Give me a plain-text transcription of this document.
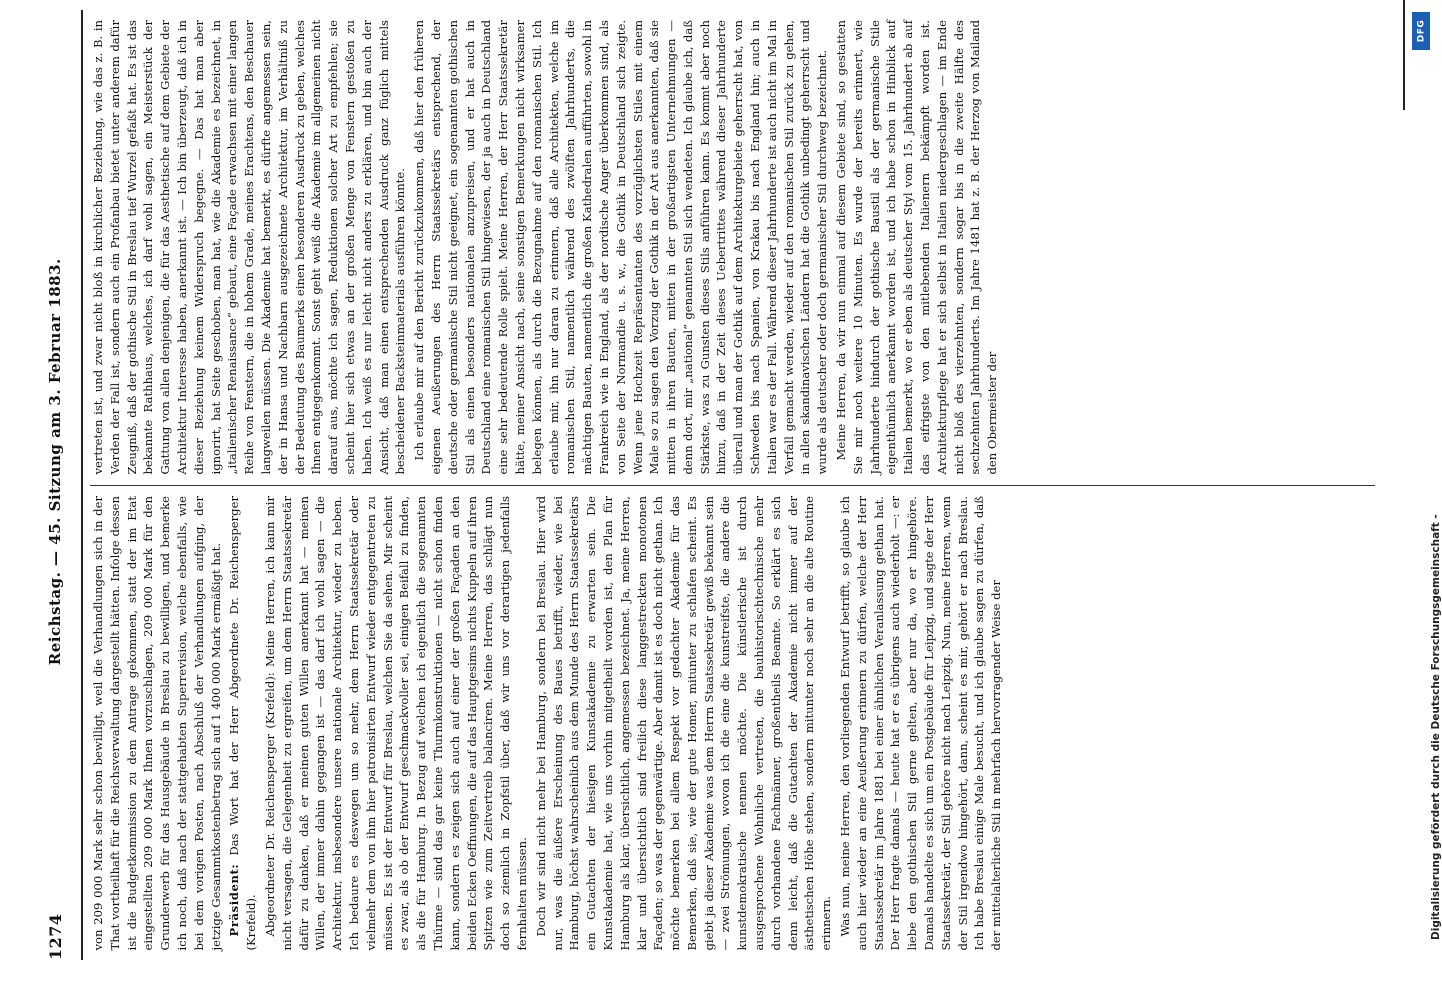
von 209 000 Mark sehr schon bewilligt, weil die Verhandlungen sich in der That vortheilhaft für die Reichsverwaltung dargestellt hätten. Infolge dessen ist die Budgetkommission zu dem Antrage gekommen, statt der im Etat eingestellten 209 000 Mark Ihnen vorzuschlagen, 209 000 Mark für den Grunderwerb für das Hausgebäude in Breslau zu bewilligen, und bemerke ich noch, daß nach der stattgehabten Superrevision, welche ebenfalls, wie bei dem vorigen Posten, nach Abschluß der Verhandlungen aufging, der jetzige Gesammtkostenbetrag sich auf 1 400 000 Mark ermäßigt hat. Präsident: Das Wort hat der Herr Abgeordnete Dr. Reichensperger (Krefeld). Abgeordneter Dr. Reichensperger (Krefeld): Meine Herren, ich kann mir nicht versagen, die Gelegenheit zu ergreifen, um dem Herrn Staatssekretär dafür zu danken, daß er meinen guten Willen anerkannt hat — meinen Willen, der immer dahin gegangen ist — das darf ich wohl sagen — die Architektur, insbesondere unsere nationale Architektur, wieder zu heben. Ich bedaure es deswegen um so mehr, dem Herrn Staatssekretär oder vielmehr dem von ihm hier patronisirten Entwurf wieder entgegentreten zu müssen. Es ist der Entwurf für Breslau, welchen Sie da sehen. Mir scheint es zwar, als ob der Entwurf geschmackvoller sei, einigen Beifall zu finden, als die für Hamburg. In Bezug auf welchen ich eigentlich die sogenannten Thürme — sind das gar keine Thurmkonstruktionen — nicht schon finden kann, sondern es zeigen sich auch auf einer der großen Façaden an den beiden Ecken Oeffnungen, die auf das Hauptgesims nichts Kuppeln auf ihren Spitzen wie zum Zeitvertreib balanciren. Meine Herren, das schlägt nun doch so ziemlich in Zopfstil über, daß wir uns vor derartigen jedenfalls fernhalten müssen. Doch wir sind nicht mehr bei Hamburg, sondern bei Breslau. Hier wird nur, was die äußere Erscheinung des Baues betrifft, wieder, wie bei Hamburg, höchst wahrscheinlich aus dem Munde des Herrn Staatssekretärs ein Gutachten der hiesigen Kunstakademie zu erwarten sein. Die Kunstakademie hat, wie uns vorhin mitgetheilt worden ist, den Plan für Hamburg als klar, übersichtlich, angemessen bezeichnet. Ja, meine Herren, klar und übersichtlich sind freilich diese langgestreckten monotonen Façaden; so was der gegenwärtige. Aber damit ist es doch nicht gethan. Ich möchte bemerken bei allem Respekt vor gedachter Akademie für das Bemerken, daß sie, wie der gute Homer, mitunter zu schlafen scheint. Es giebt ja dieser Akademie was dem Herrn Staatssekretär gewiß bekannt sein — zwei Strömungen, wovon ich die eine die kunstreifste, die andere die kunstdemokratische nennen möchte. Die künstlerische ist durch ausgesprochene Wohnliche vertreten, die bauhistorischtechnische mehr durch vorhandene Fachmänner, großentheils Beamte. So erklärt es sich denn leicht, daß die Gutachten der Akademie nicht immer auf der ästhetischen Höhe stehen, sondern mitunter noch sehr an die alte Routine erinnern. Was nun, meine Herren, den vorliegenden Entwurf betrifft, so glaube ich auch hier wieder an eine Aeußerung erinnern zu dürfen, welche der Herr Staatssekretär im Jahre 1881 bei einer ähnlichen Veranlassung gethan hat. Der Herr fragte damals — heute hat er es übrigens auch wiederholt —: er liebe den gothischen Stil gerne gelten, aber nur da, wo er hingehöre. Damals handelte es sich um ein Postgebäude für Leipzig, und sagte der Herr Staatssekretär, der Stil gehöre nicht nach Leipzig. Nun, meine Herren, wenn der Stil irgendwo hingehört, dann, scheint es mir, gehört er nach Breslau. Ich habe Breslau einige Male besucht, und ich glaube sagen zu dürfen, daß der mittelalterliche Stil in mehrfach hervorragender Weise der

vertreten ist, und zwar nicht bloß in kirchlicher Beziehung, wie das z. B. in Verden der Fall ist, sondern auch ein Profanbau bietet unter anderem dafür Zeugniß, daß der gothische Stil in Breslau tief Wurzel gefaßt hat. Es ist das bekannte Rathhaus, welches, ich darf wohl sagen, ein Meisterstück der Gattung von allen denjenigen, die für das Aesthetische auf dem Gebiete der Architektur Interesse haben, anerkannt ist. — Ich bin überzeugt, daß ich in dieser Beziehung keinem Widerspruch begegne. — Das hat man aber ignorirt, hat Seite geschoben, man hat, wie die Akademie es bezeichnet, in „italienischer Renaissance“ gebaut, eine Façade erwachsen mit einer langen Reihe von Fenstern, die in hohem Grade, meines Erachtens, den Beschauer langweilen müssen. Die Akademie hat bemerkt, es dürfte angemessen sein, der in Hansa und Nachbarn ausgezeichnete Architektur, im Verhältniß zu der Bedeutung des Baumerks einen besonderen Ausdruck zu geben, welches Ihnen entgegenkommt. Sonst geht weiß die Akademie im allgemeinen nicht darauf aus, möchte ich sagen, Reduktionen solcher Art zu empfehlen; sie scheint hier sich etwas an der großen Menge von Fenstern gestoßen zu haben. Ich weiß es nur leicht nicht anders zu erklären, und bin auch der Ansicht, daß man einen entsprechenden Ausdruck ganz füglich mittels bescheidener Backsteinmaterials ausführen könnte. Ich erlaube mir auf den Bericht zurückzukommen, daß hier den früheren eigenen Aeußerungen des Herrn Staatssekretärs entsprechend, der deutsche oder germanische Stil nicht geeignet, ein sogenannten gothischen Stil als einen besonders nationalen anzupreisen, und er hat auch in Deutschland eine romanischen Stil hingewiesen, der ja auch in Deutschland eine sehr bedeutende Rolle spielt. Meine Herren, der Herr Staatssekretär hätte, meiner Ansicht nach, seine sonstigen Bemerkungen nicht wirksamer belegen können, als durch die Bezugnahme auf den romanischen Stil. Ich erlaube mir, ihn nur daran zu erinnern, daß alle Architekten, welche im romanischen Stil, namentlich während des zwölften Jahrhunderts, die mächtigen Bauten, namentlich die großen Kathedralen aufführten, sowohl in Frankreich wie in England, als der nordische Anger überkommen sind, als von Seite der Normandie u. s. w., die Gothik in Deutschland sich zeigte. Wenn jene Hochzeit Repräsentanten des vorzüglichsten Stiles mit einem Male so zu sagen den Vorzug der Gothik in der Art aus anerkannten, daß sie mitten in ihren Bauten, mitten in der großartigsten Unternehmungen — denn dort, mir „national“ genannten Stil sich wendeten. Ich glaube ich, daß Stärkste, was zu Gunsten dieses Stils anführen kann. Es kommt aber noch hinzu, daß in der Zeit dieses Uebertrittes während dieser Jahrhunderte überall und man der Gothik auf dem Architekturgebiete geherrscht hat, von Schweden bis nach Spanien, von Krakau bis nach England hin; auch in Italien war es der Fall. Während dieser Jahrhunderte ist auch nicht im Mal in Verfall gemacht werden, wieder auf den romanischen Stil zurück zu gehen, in allen skandinavischen Ländern hat die Gothik unbedingt geherrscht und wurde als deutscher oder doch germanischer Stil durchweg bezeichnet. Meine Herren, da wir nun einmal auf diesem Gebiete sind, so gestatten Sie mir noch weitere 10 Minuten. Es wurde der bereits erinnert, wie Jahrhunderte hindurch der gothische Baustil als der germanische Stile eigenthümlich anerkannt worden ist, und ich habe schon in Hinblick auf Italien bemerkt, wo er eben als deutscher Styl vom 15. Jahrhundert ab auf das eifrigste von den mitlebenden Italienern bekämpft worden ist. Architekturpflege hat er sich selbst in Italien niedergeschlagen — im Ende nicht bloß des vierzehnten, sondern sogar bis in die zweite Hälfte des sechzehnten Jahrhunderts. Im Jahre 1481 hat z. B. der Herzog von Mailand den Obermeister der

1274
Reichstag. — 45. Sitzung am 3. Februar 1883.
DFG
Digitalisierung gefördert durch die Deutsche Forschungsgemeinschaft -
